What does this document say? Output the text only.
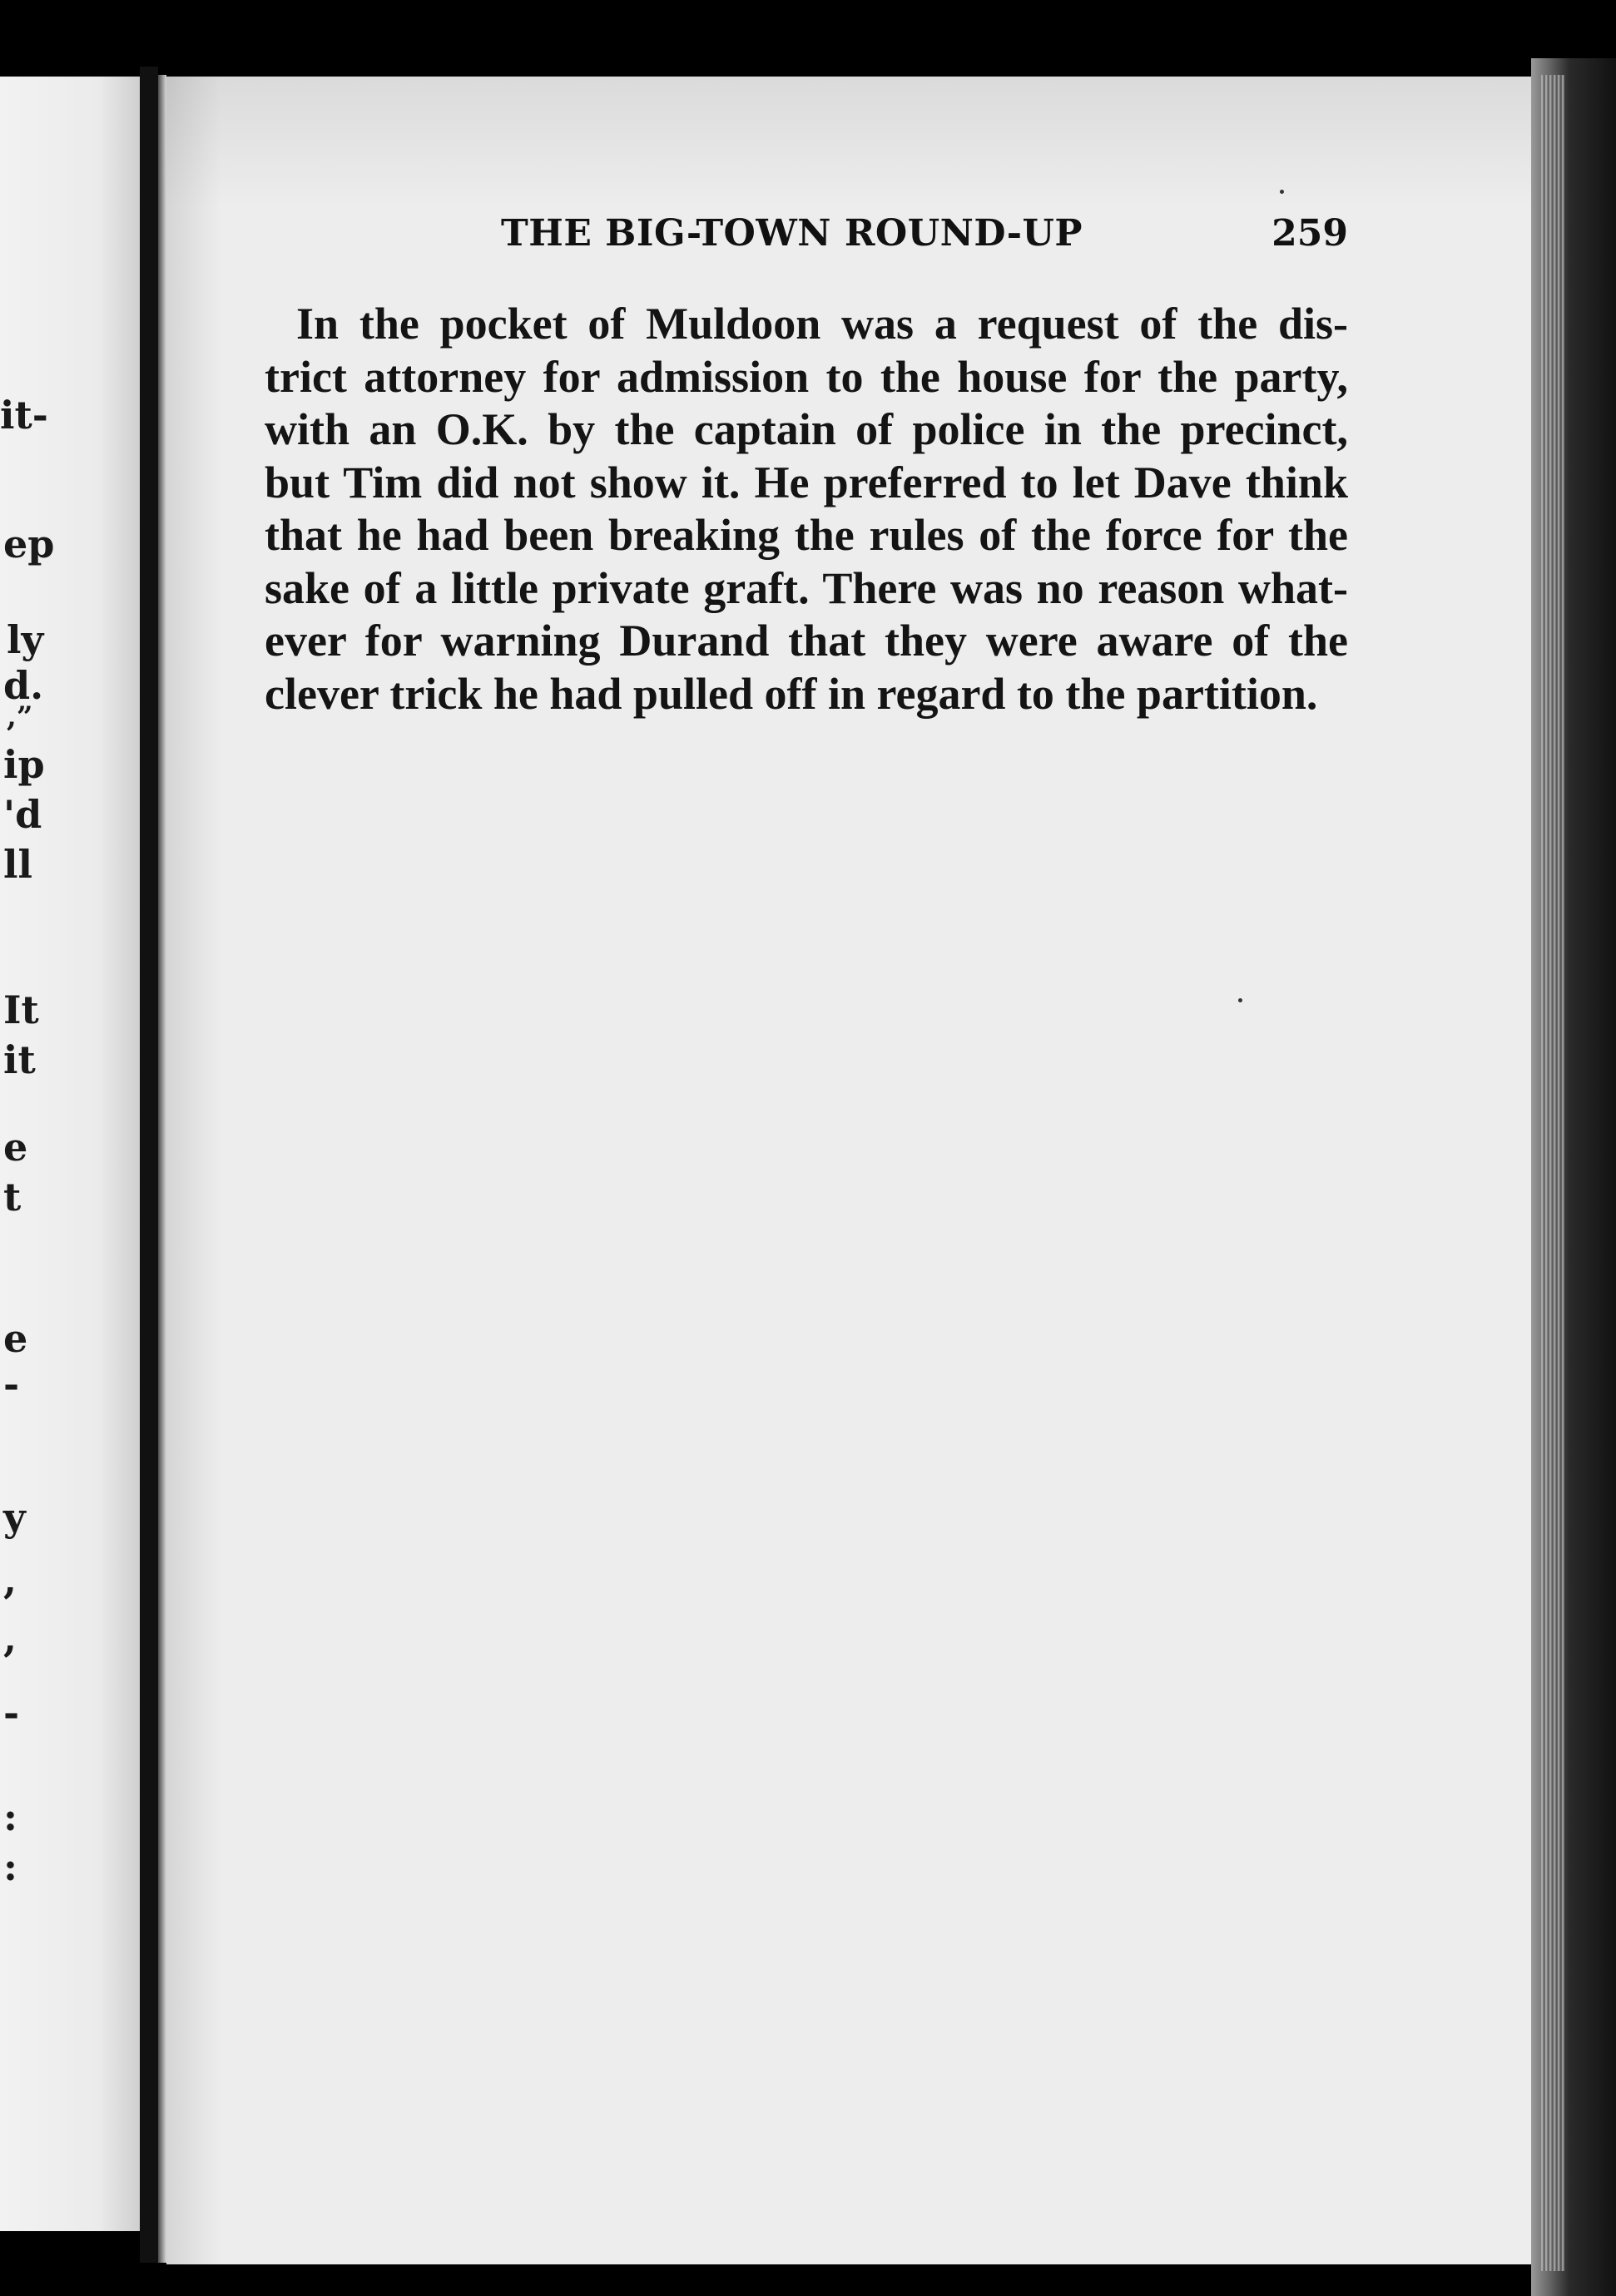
it-
ep
ly
d.
,”
ip
'd
ll
It
it
e
t
e
-
y
,
,
-
:
:
THE BIG-TOWN ROUND-UP	259
In the pocket of Muldoon was a request of the dis-
trict attorney for admission to the house for the party,
with an O.K. by the captain of police in the precinct,
but Tim did not show it. He preferred to let Dave think
that he had been breaking the rules of the force for the
sake of a little private graft. There was no reason what-
ever for warning Durand that they were aware of the
clever trick he had pulled off in regard to the partition.
